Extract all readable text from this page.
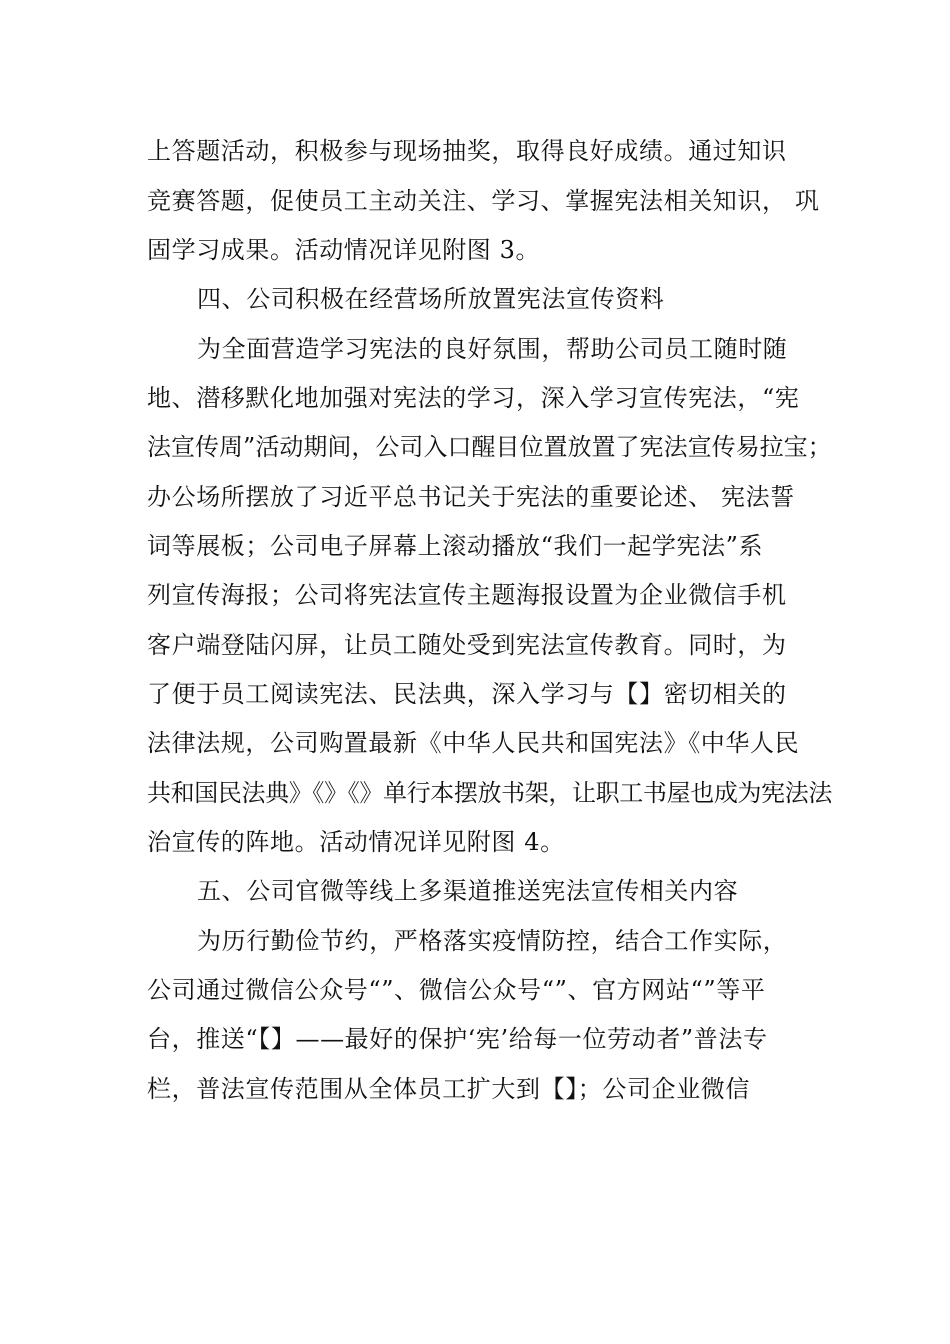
上答题活动，积极参与现场抽奖，取得良好成绩。通过知识
竞赛答题，促使员工主动关注、学习、掌握宪法相关知识， 巩
固学习成果。活动情况详见附图 3。
四、公司积极在经营场所放置宪法宣传资料
为全面营造学习宪法的良好氛围，帮助公司员工随时随
地、潜移默化地加强对宪法的学习，深入学习宣传宪法，“宪
法宣传周”活动期间，公司入口醒目位置放置了宪法宣传易拉宝；
办公场所摆放了习近平总书记关于宪法的重要论述、 宪法誓
词等展板；公司电子屏幕上滚动播放“我们一起学宪法”系
列宣传海报；公司将宪法宣传主题海报设置为企业微信手机
客户端登陆闪屏，让员工随处受到宪法宣传教育。同时，为
了便于员工阅读宪法、民法典，深入学习与【】密切相关的
法律法规，公司购置最新《中华人民共和国宪法》《中华人民
共和国民法典》《》《》单行本摆放书架，让职工书屋也成为宪法法
治宣传的阵地。活动情况详见附图 4。
五、公司官微等线上多渠道推送宪法宣传相关内容
为历行勤俭节约，严格落实疫情防控，结合工作实际，
公司通过微信公众号“”、微信公众号“”、官方网站“”等平
台，推送“【】——最好的保护‘宪’给每一位劳动者”普法专
栏，普法宣传范围从全体员工扩大到【】；公司企业微信
